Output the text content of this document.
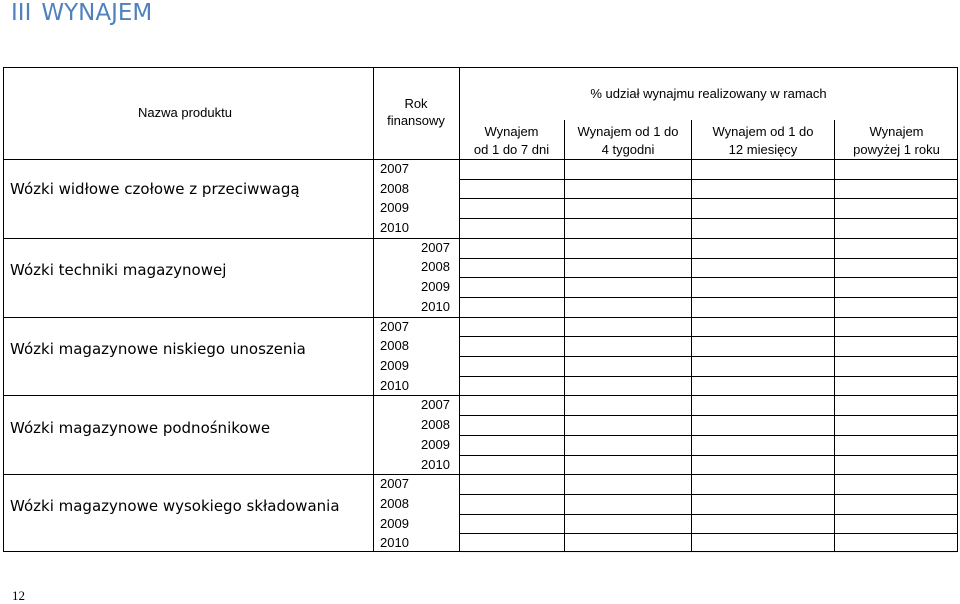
III WYNAJEM
Nazwa produktu
Rok
finansowy
% udział wynajmu realizowany w ramach
Wynajem
od 1 do 7 dni
Wynajem od 1 do
4 tygodni
Wynajem od 1 do
12 miesięcy
Wynajem
powyżej 1 roku
Wózki widłowe czołowe z przeciwwagą
Wózki techniki magazynowej
Wózki magazynowe niskiego unoszenia
Wózki magazynowe podnośnikowe
Wózki magazynowe wysokiego składowania
2007
2008
2009
2010
2007
2008
2009
2010
2007
2008
2009
2010
2007
2008
2009
2010
2007
2008
2009
2010
12
